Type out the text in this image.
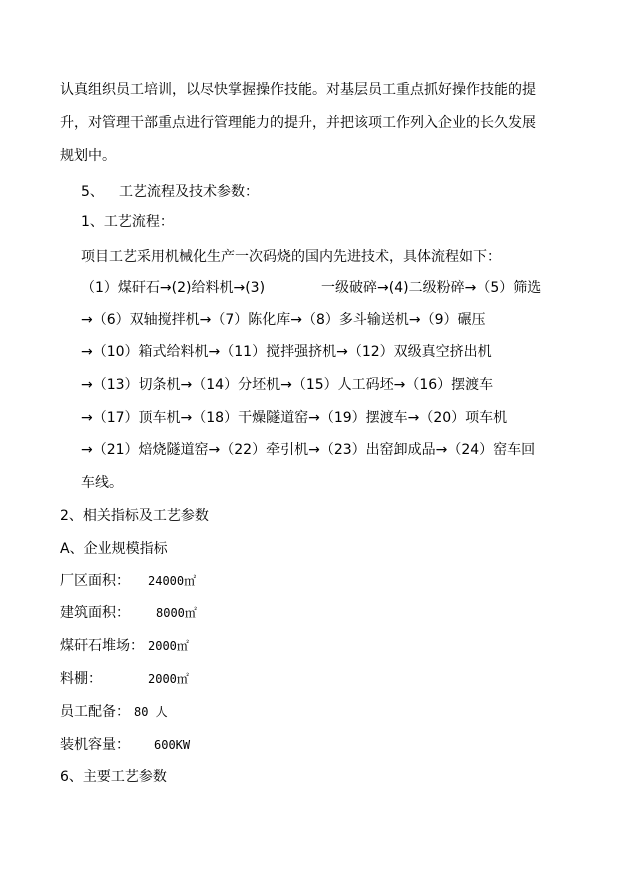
认真组织员工培训，以尽快掌握操作技能。对基层员工重点抓好操作技能的提
升，对管理干部重点进行管理能力的提升，并把该项工作列入企业的长久发展
规划中。
5、 工艺流程及技术参数：
1、工艺流程：
项目工艺采用机械化生产一次码烧的国内先进技术，具体流程如下：
（1）煤矸石→(2)给料机→(3)	一级破碎→(4)二级粉碎→（5）筛选
→（6）双轴搅拌机→（7）陈化库→（8）多斗输送机→（9）碾压
→（10）箱式给料机→（11）搅拌强挤机→（12）双级真空挤出机
→（13）切条机→（14）分坯机→（15）人工码坯→（16）摆渡车
→（17）顶车机→（18）干燥隧道窑→（19）摆渡车→（20）项车机
→（21）焙烧隧道窑→（22）牵引机→（23）出窑卸成品→（24）窑车回
车线。
2、相关指标及工艺参数
A、企业规模指标
厂区面积： 24000㎡
建筑面积： 8000㎡
煤矸石堆场： 2000㎡
料棚：	2000㎡
员工配备： 80 人
装机容量： 600KW
6、主要工艺参数
